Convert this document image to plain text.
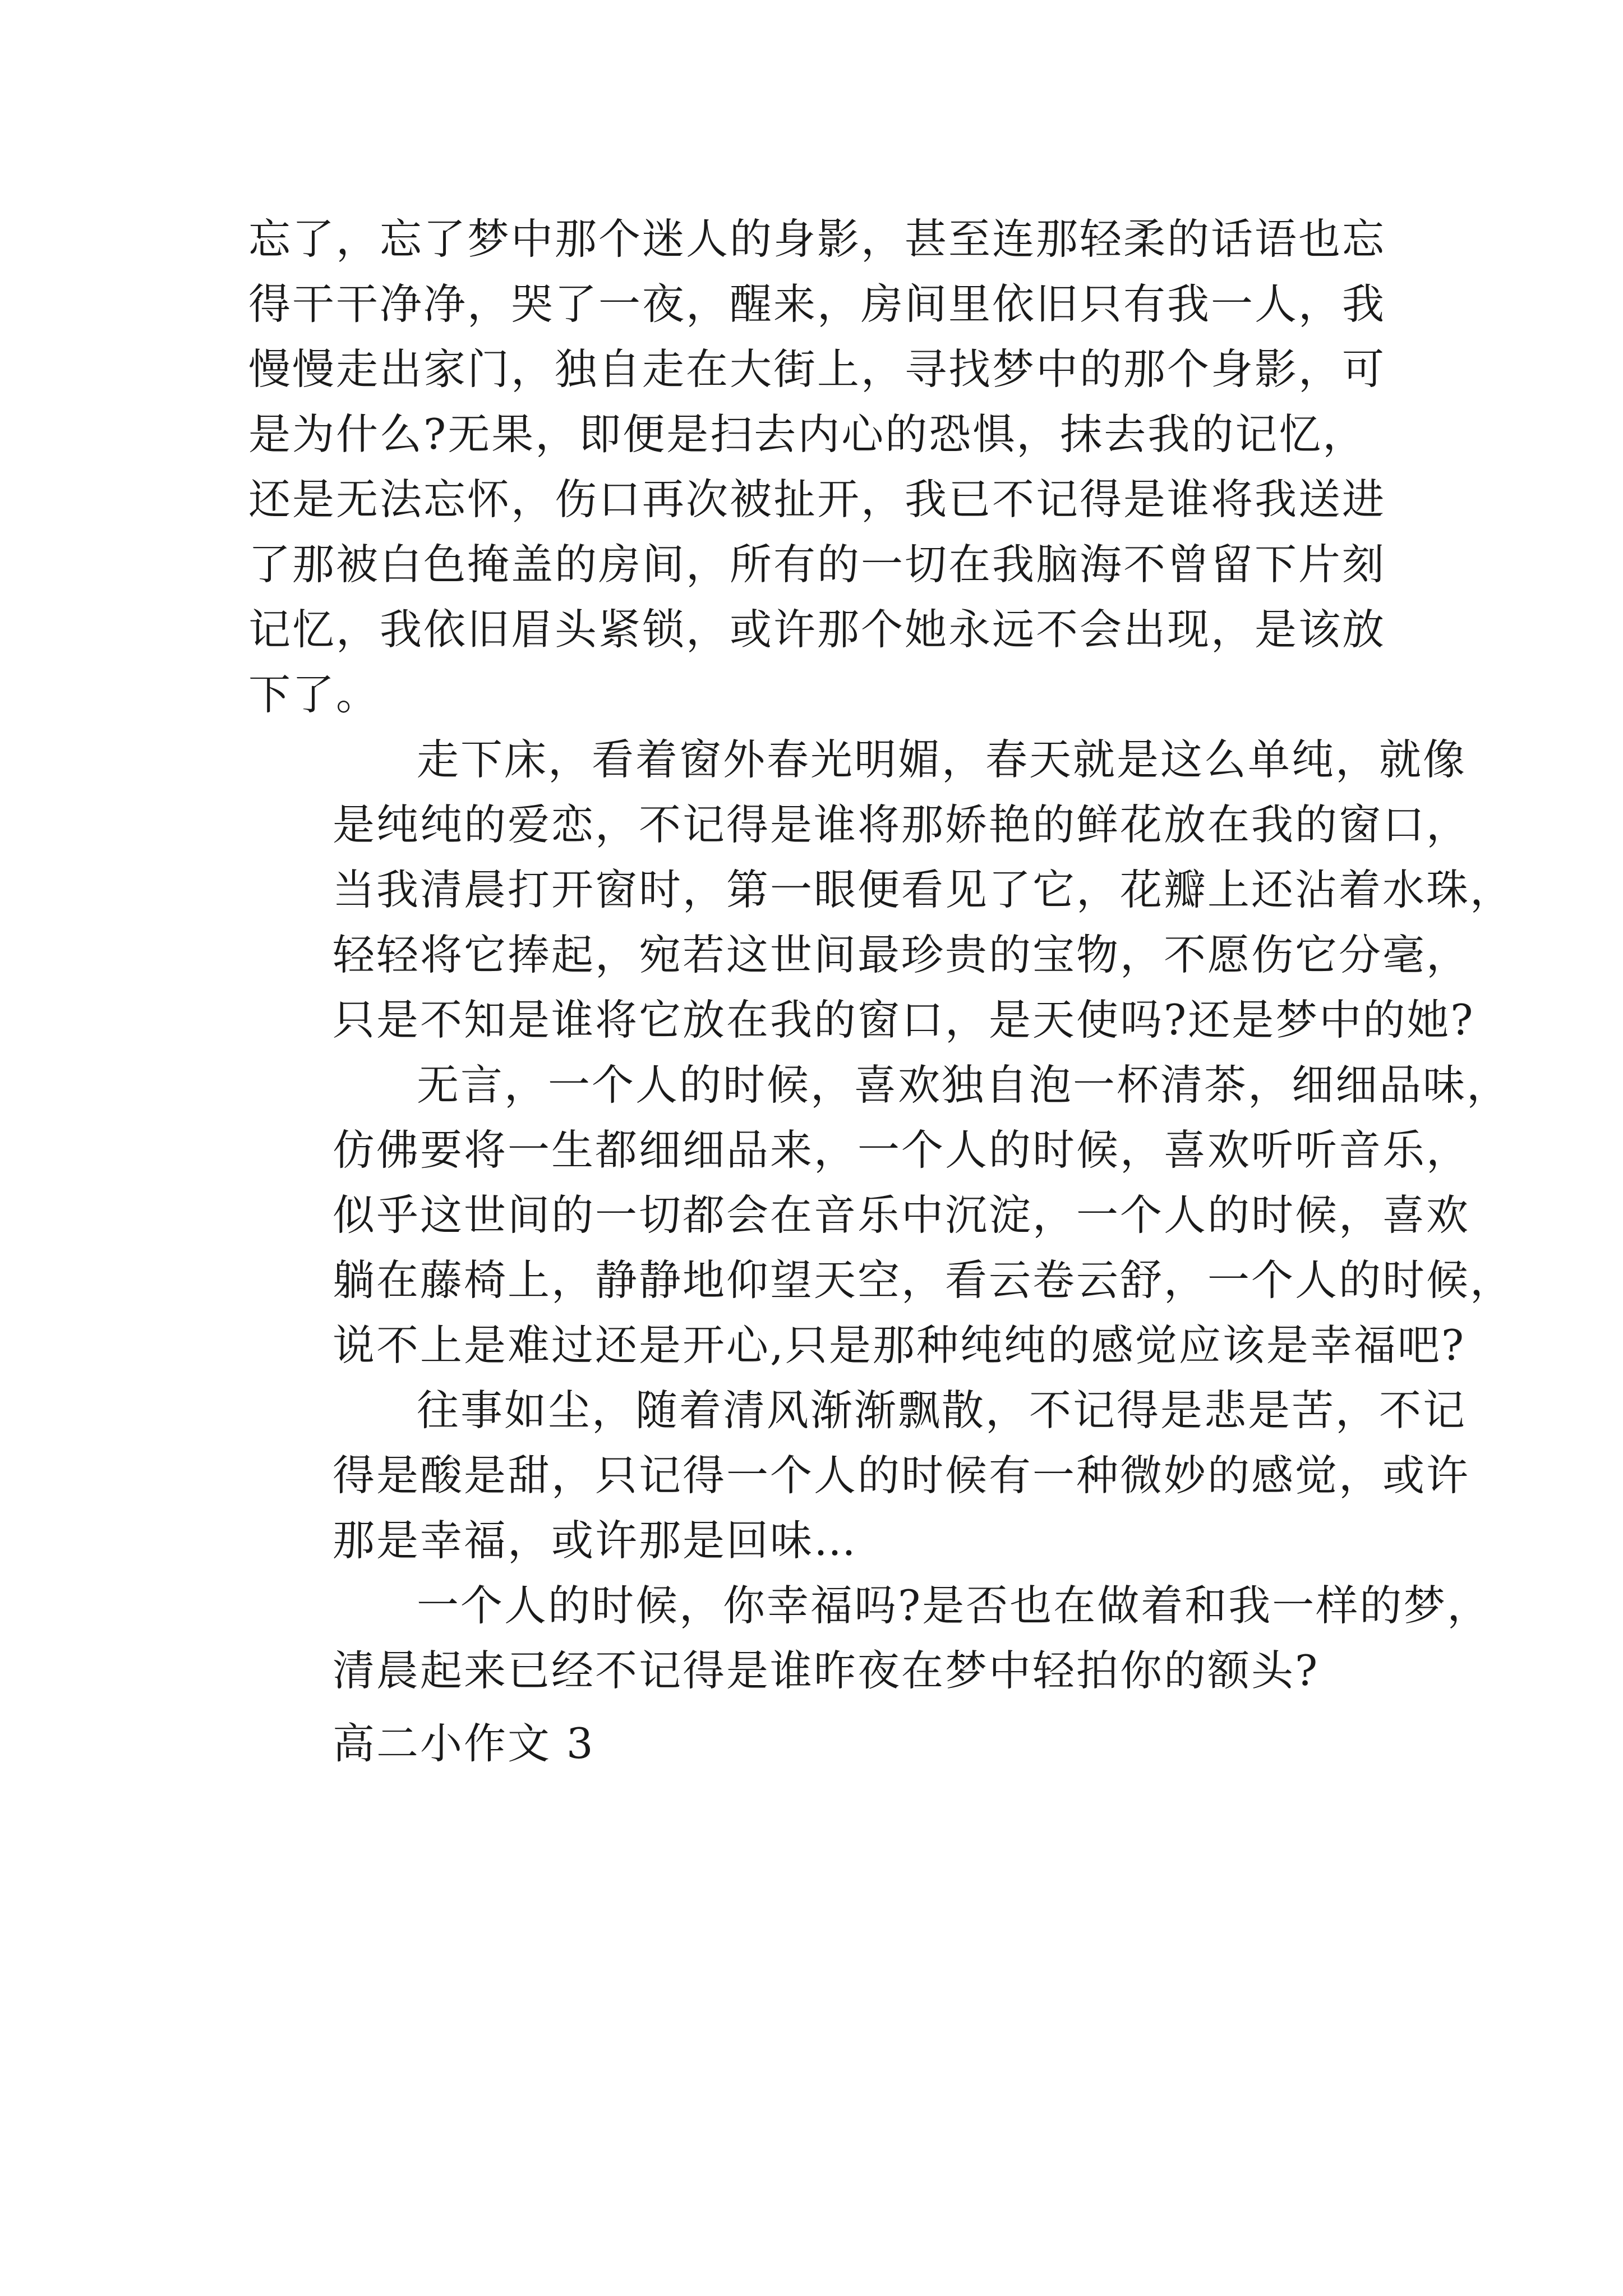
忘了，忘了梦中那个迷人的身影，甚至连那轻柔的话语也忘
得干干净净，哭了一夜，醒来，房间里依旧只有我一人，我
慢慢走出家门，独自走在大街上，寻找梦中的那个身影，可
是为什么?无果，即便是扫去内心的恐惧，抹去我的记忆，
还是无法忘怀，伤口再次被扯开，我已不记得是谁将我送进
了那被白色掩盖的房间，所有的一切在我脑海不曾留下片刻
记忆，我依旧眉头紧锁，或许那个她永远不会出现，是该放
下了。
走下床，看着窗外春光明媚，春天就是这么单纯，就像
是纯纯的爱恋，不记得是谁将那娇艳的鲜花放在我的窗口，
当我清晨打开窗时，第一眼便看见了它，花瓣上还沾着水珠，
轻轻将它捧起，宛若这世间最珍贵的宝物，不愿伤它分毫，
只是不知是谁将它放在我的窗口，是天使吗?还是梦中的她?
无言，一个人的时候，喜欢独自泡一杯清茶，细细品味，
仿佛要将一生都细细品来，一个人的时候，喜欢听听音乐，
似乎这世间的一切都会在音乐中沉淀，一个人的时候，喜欢
躺在藤椅上，静静地仰望天空，看云卷云舒，一个人的时候，
说不上是难过还是开心,只是那种纯纯的感觉应该是幸福吧?
往事如尘，随着清风渐渐飘散，不记得是悲是苦，不记
得是酸是甜，只记得一个人的时候有一种微妙的感觉，或许
那是幸福，或许那是回味…
一个人的时候，你幸福吗?是否也在做着和我一样的梦，
清晨起来已经不记得是谁昨夜在梦中轻拍你的额头?
高二小作文 3
